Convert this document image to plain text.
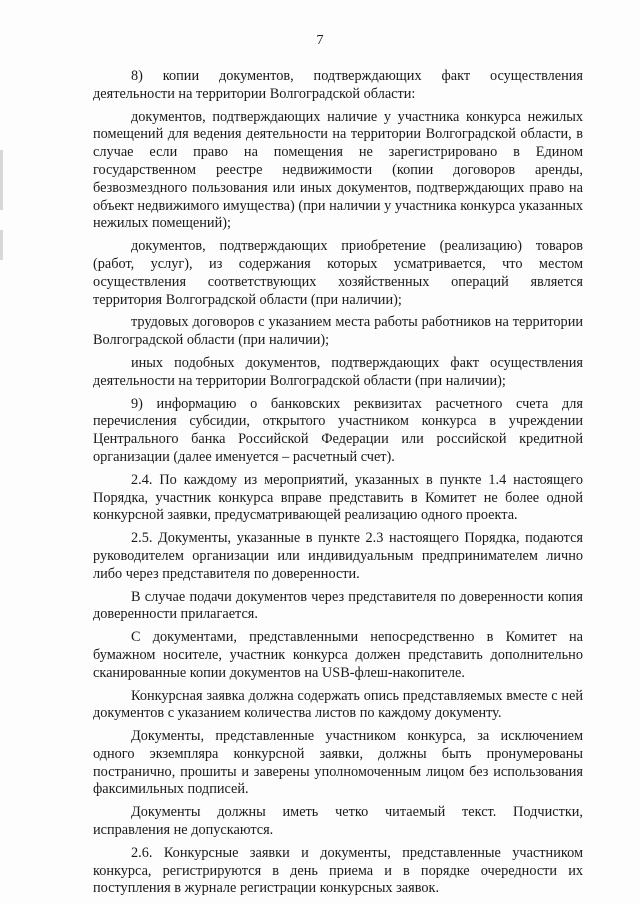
7

8) копии документов, подтверждающих факт осуществления деятельности на территории Волгоградской области:

документов, подтверждающих наличие у участника конкурса нежилых помещений для ведения деятельности на территории Волгоградской области, в случае если право на помещения не зарегистрировано в Едином государственном реестре недвижимости (копии договоров аренды, безвозмездного пользования или иных документов, подтверждающих право на объект недвижимого имущества) (при наличии у участника конкурса указанных нежилых помещений);

документов, подтверждающих приобретение (реализацию) товаров (работ, услуг), из содержания которых усматривается, что местом осуществления соответствующих хозяйственных операций является территория Волгоградской области (при наличии);

трудовых договоров с указанием места работы работников на территории Волгоградской области (при наличии);

иных подобных документов, подтверждающих факт осуществления деятельности на территории Волгоградской области (при наличии);

9) информацию о банковских реквизитах расчетного счета для перечисления субсидии, открытого участником конкурса в учреждении Центрального банка Российской Федерации или российской кредитной организации (далее именуется – расчетный счет).

2.4. По каждому из мероприятий, указанных в пункте 1.4 настоящего Порядка, участник конкурса вправе представить в Комитет не более одной конкурсной заявки, предусматривающей реализацию одного проекта.

2.5. Документы, указанные в пункте 2.3 настоящего Порядка, подаются руководителем организации или индивидуальным предпринимателем лично либо через представителя по доверенности.

В случае подачи документов через представителя по доверенности копия доверенности прилагается.

С документами, представленными непосредственно в Комитет на бумажном носителе, участник конкурса должен представить дополнительно сканированные копии документов на USB-флеш-накопителе.

Конкурсная заявка должна содержать опись представляемых вместе с ней документов с указанием количества листов по каждому документу.

Документы, представленные участником конкурса, за исключением одного экземпляра конкурсной заявки, должны быть пронумерованы постранично, прошиты и заверены уполномоченным лицом без использования факсимильных подписей.

Документы должны иметь четко читаемый текст. Подчистки, исправления не допускаются.

2.6. Конкурсные заявки и документы, представленные участником конкурса, регистрируются в день приема и в порядке очередности их поступления в журнале регистрации конкурсных заявок.
